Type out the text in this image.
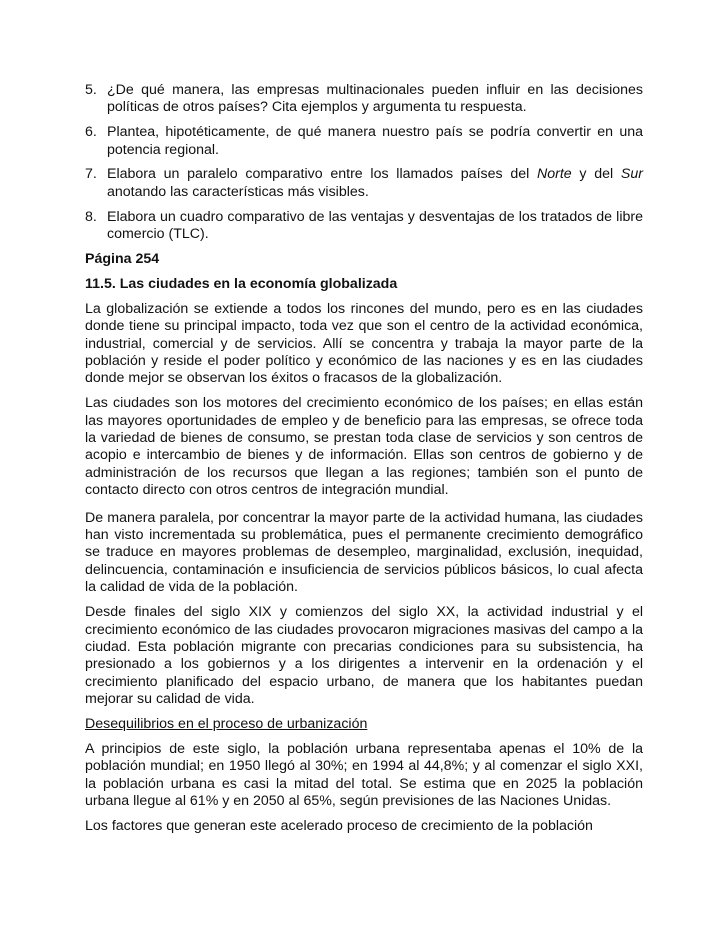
5. ¿De qué manera, las empresas multinacionales pueden influir en las decisiones políticas de otros países? Cita ejemplos y argumenta tu respuesta.
6. Plantea, hipotéticamente, de qué manera nuestro país se podría convertir en una potencia regional.
7. Elabora un paralelo comparativo entre los llamados países del Norte y del Sur anotando las características más visibles.
8. Elabora un cuadro comparativo de las ventajas y desventajas de los tratados de libre comercio (TLC).

Página 254

11.5. Las ciudades en la economía globalizada

La globalización se extiende a todos los rincones del mundo, pero es en las ciudades donde tiene su principal impacto, toda vez que son el centro de la actividad económica, industrial, comercial y de servicios. Allí se concentra y trabaja la mayor parte de la población y reside el poder político y económico de las naciones y es en las ciudades donde mejor se observan los éxitos o fracasos de la globalización.

Las ciudades son los motores del crecimiento económico de los países; en ellas están las mayores oportunidades de empleo y de beneficio para las empresas, se ofrece toda la variedad de bienes de consumo, se prestan toda clase de servicios y son centros de acopio e intercambio de bienes y de información. Ellas son centros de gobierno y de administración de los recursos que llegan a las regiones; también son el punto de contacto directo con otros centros de integración mundial.

De manera paralela, por concentrar la mayor parte de la actividad humana, las ciudades han visto incrementada su problemática, pues el permanente crecimiento demográfico se traduce en mayores problemas de desempleo, marginalidad, exclusión, inequidad, delincuencia, contaminación e insuficiencia de servicios públicos básicos, lo cual afecta la calidad de vida de la población.

Desde finales del siglo XIX y comienzos del siglo XX, la actividad industrial y el crecimiento económico de las ciudades provocaron migraciones masivas del campo a la ciudad. Esta población migrante con precarias condiciones para su subsistencia, ha presionado a los gobiernos y a los dirigentes a intervenir en la ordenación y el crecimiento planificado del espacio urbano, de manera que los habitantes puedan mejorar su calidad de vida.

Desequilibrios en el proceso de urbanización

A principios de este siglo, la población urbana representaba apenas el 10% de la población mundial; en 1950 llegó al 30%; en 1994 al 44,8%; y al comenzar el siglo XXI, la población urbana es casi la mitad del total. Se estima que en 2025 la población urbana llegue al 61% y en 2050 al 65%, según previsiones de las Naciones Unidas.

Los factores que generan este acelerado proceso de crecimiento de la población
